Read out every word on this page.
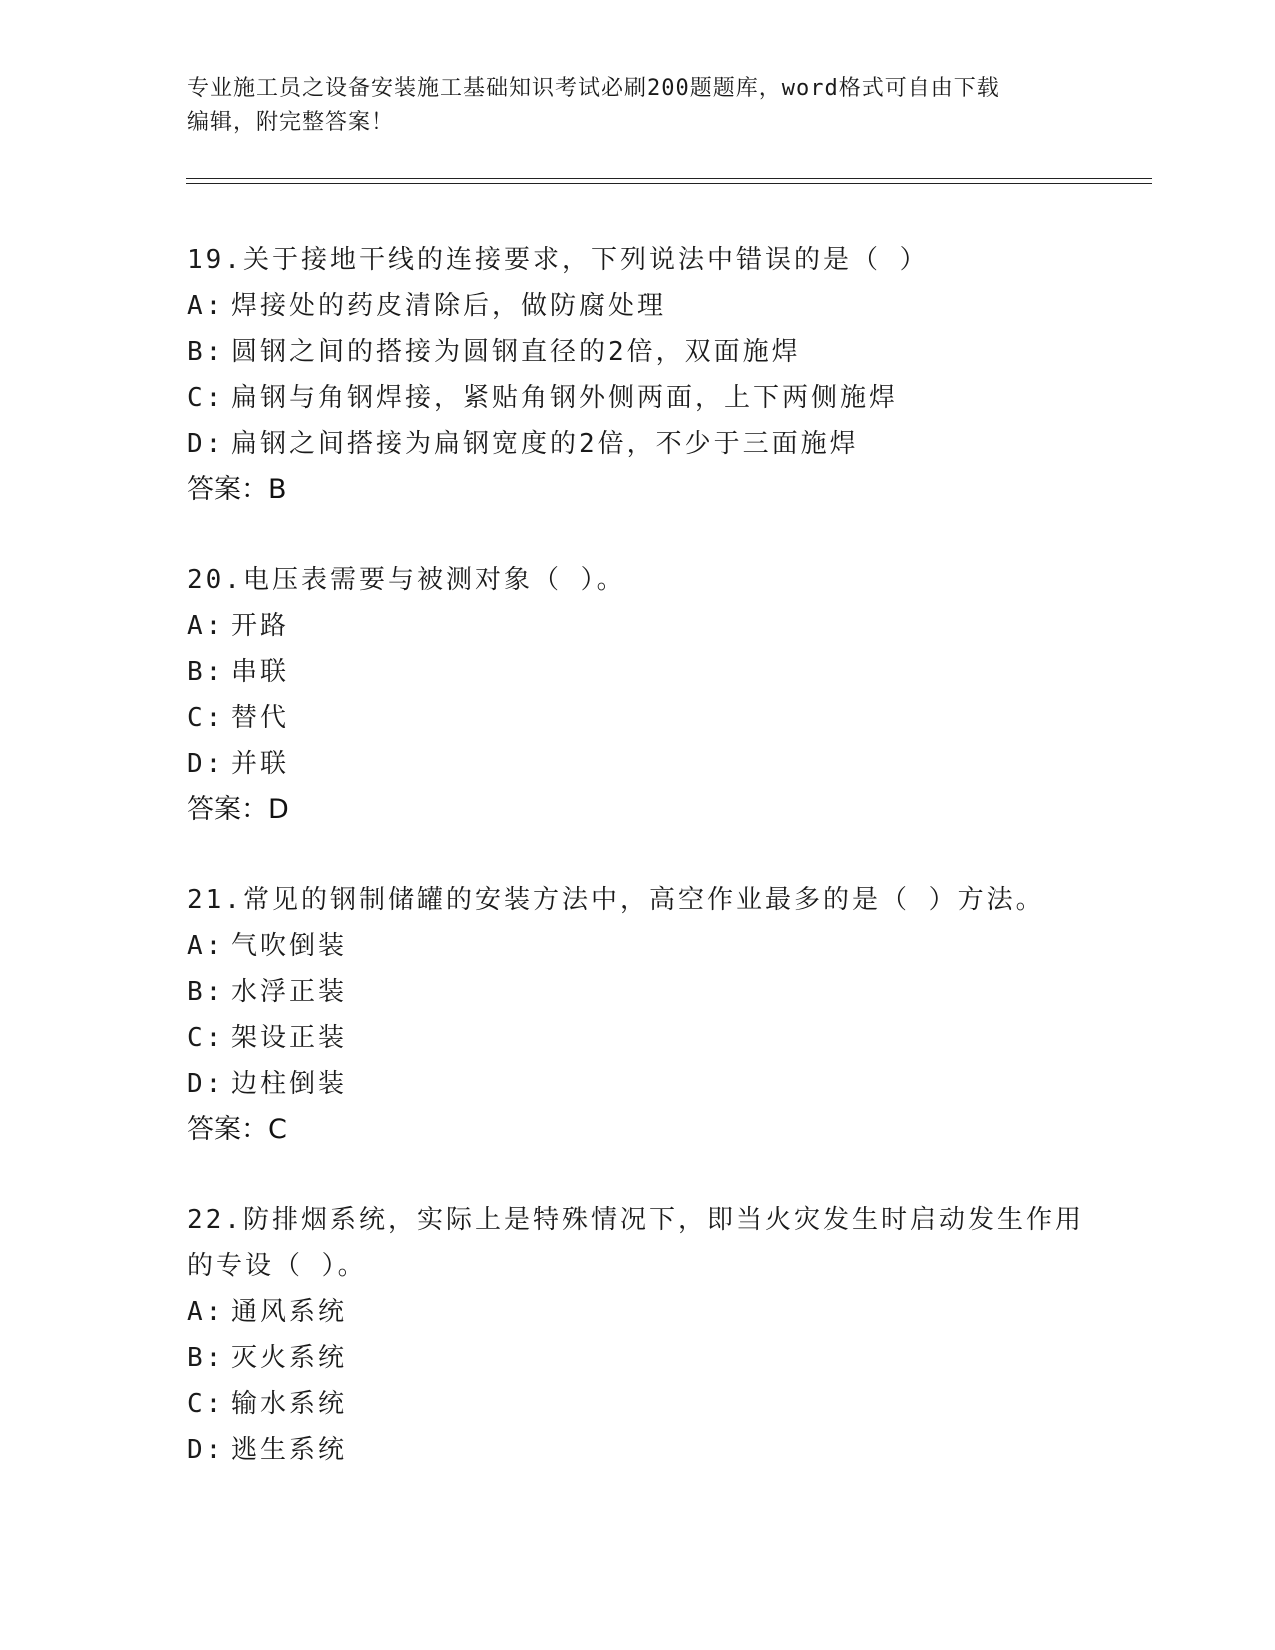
专业施工员之设备安装施工基础知识考试必刷200题题库，word格式可自由下载
编辑，附完整答案！
19.关于接地干线的连接要求，下列说法中错误的是（ ）
A: 焊接处的药皮清除后，做防腐处理
B: 圆钢之间的搭接为圆钢直径的2倍，双面施焊
C: 扁钢与角钢焊接，紧贴角钢外侧两面，上下两侧施焊
D: 扁钢之间搭接为扁钢宽度的2倍，不少于三面施焊
答案：B
20.电压表需要与被测对象（ ）。
A: 开路
B: 串联
C: 替代
D: 并联
答案：D
21.常见的钢制储罐的安装方法中，高空作业最多的是（ ）方法。
A: 气吹倒装
B: 水浮正装
C: 架设正装
D: 边柱倒装
答案：C
22.防排烟系统，实际上是特殊情况下，即当火灾发生时启动发生作用
的专设（ ）。
A: 通风系统
B: 灭火系统
C: 输水系统
D: 逃生系统
